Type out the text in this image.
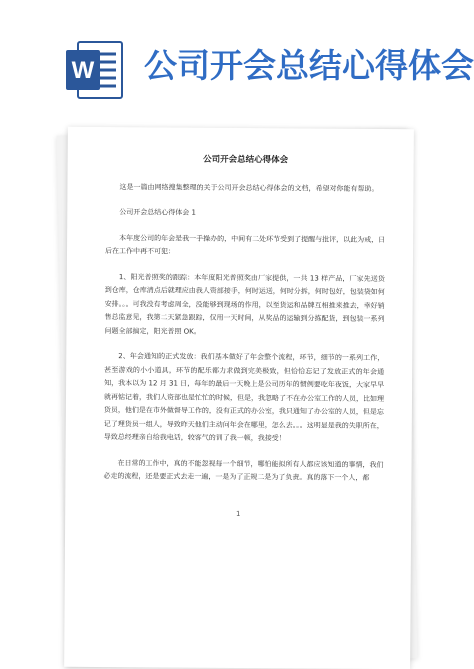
W 公司开会总结心得体会
公司开会总结心得体会

这是一篇由网络搜集整理的关于公司开会总结心得体会的文档，希望对你能有帮助。

公司开会总结心得体会 1

本年度公司的年会是我一手操办的，中间有二处环节受到了提醒与批评，以此为戒，日后在工作中再不可犯：

1、阳光普照奖的跟踪：本年度阳光普照奖由厂家提供，一共 13 样产品，厂家先送货到仓库，仓库清点后就理应由我人资部接手，何时运送，何时分拆，何时包好，包装袋如何安排。。。可我没有考虑周全，没能够到现场的作用，以至货运和品牌互相推来推去，幸好销售总监意见，我第二天紧急跟踪，仅用一天时间，从奖品的运输到分拣配货，到包装一系列问题全部搞定，阳光普照 OK。

2、年会通知的正式发放：我们基本做好了年会整个流程，环节，细节的一系列工作，甚至游戏的小小道具，环节的配乐都力求做到完美极致，但恰恰忘记了发放正式的年会通知，我本以为 12 月 31 日，每年的最后一天晚上是公司历年的惯例要吃年夜饭，大家早早就再惦记着，我们人资部也是忙忙的时候，但是，我忽略了不在办公室工作的人员，比如理货员，他们是在市外做督导工作的，没有正式的办公室，我只通知了办公室的人员，但是忘记了理货员一组人，导致昨天他们主动问年会在哪里，怎么去。。。这明显是我的失职所在，导致总经理亲自给我电话，较客气的训了我一顿，我接受！

在日常的工作中，真的不能忽视每一个细节，哪怕能拟所有人都应该知道的事情，我们必走的流程，还是要正式去走一遍，一是为了正规二是为了负责。真的落下一个人，都

1
